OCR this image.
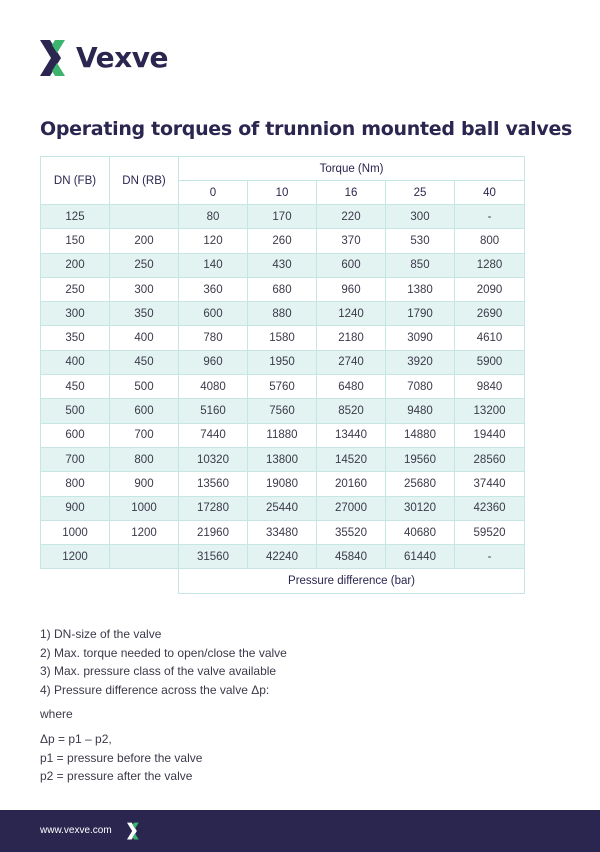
Vexve
Operating torques of trunnion mounted ball valves
DN (FB)	DN (RB)	Torque (Nm)				
		0	10	16	25	40
125		80	170	220	300	-
150	200	120	260	370	530	800
200	250	140	430	600	850	1280
250	300	360	680	960	1380	2090
300	350	600	880	1240	1790	2690
350	400	780	1580	2180	3090	4610
400	450	960	1950	2740	3920	5900
450	500	4080	5760	6480	7080	9840
500	600	5160	7560	8520	9480	13200
600	700	7440	11880	13440	14880	19440
700	800	10320	13800	14520	19560	28560
800	900	13560	19080	20160	25680	37440
900	1000	17280	25440	27000	30120	42360
1000	1200	21960	33480	35520	40680	59520
1200		31560	42240	45840	61440	-
		Pressure difference (bar)				
1) DN-size of the valve
2) Max. torque needed to open/close the valve
3) Max. pressure class of the valve available
4) Pressure difference across the valve Δp:
where
Δp = p1 – p2,
p1 = pressure before the valve
p2 = pressure after the valve
www.vexve.com
